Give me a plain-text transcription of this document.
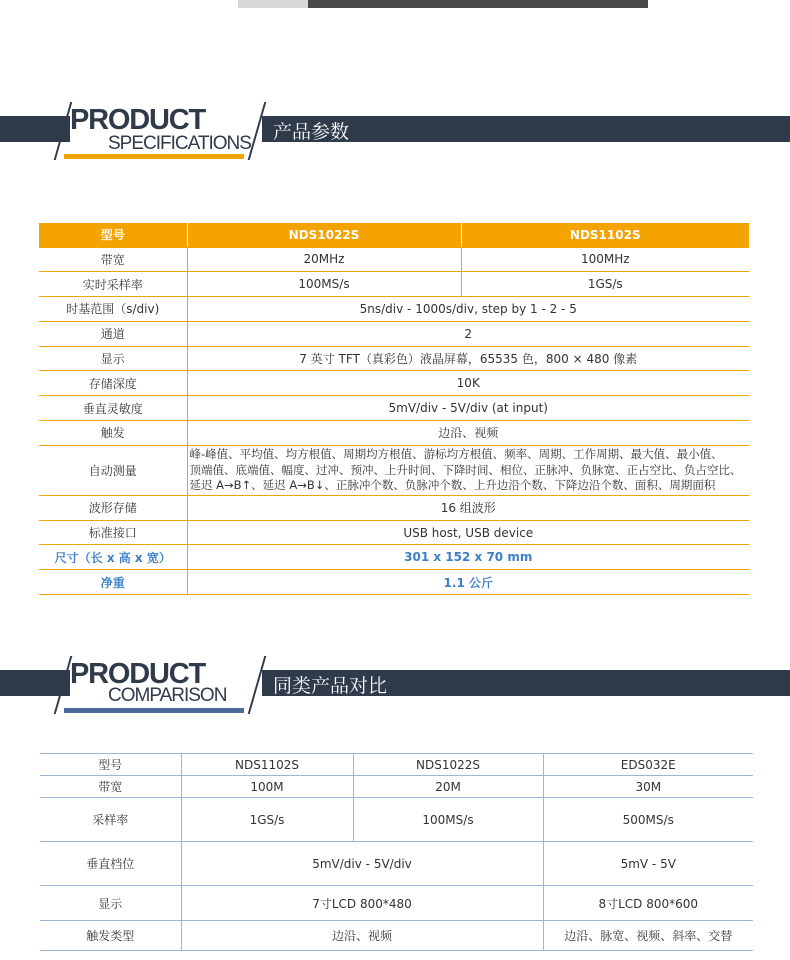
PRODUCT
SPECIFICATIONS
产品参数
型号	NDS1022S	NDS1102S
带宽	20MHz	100MHz
实时采样率	100MS/s	1GS/s
时基范围（s/div)	5ns/div - 1000s/div, step by 1 - 2 - 5	
通道	2	
显示	7 英寸 TFT（真彩色）液晶屏幕，65535 色，800 × 480 像素	
存储深度	10K	
垂直灵敏度	5mV/div - 5V/div (at input)	
触发	边沿、视频	
自动测量	峰-峰值、平均值、均方根值、周期均方根值、游标均方根值、频率、周期、工作周期、最大值、最小值、
顶端值、底端值、幅度、过冲、预冲、上升时间、下降时间、相位、正脉冲、负脉宽、正占空比、负占空比、
延迟 A→B↑、延迟 A→B↓、正脉冲个数、负脉冲个数、上升边沿个数、下降边沿个数、面积、周期面积	

波形存储	16 组波形	
标准接口	USB host, USB device	
尺寸（长 x 高 x 宽）	301 x 152 x 70 mm	
净重	1.1 公斤	
PRODUCT
COMPARISON 同类产品对比
型号	NDS1102S	NDS1022S	EDS032E
带宽	100M	20M	30M
采样率	1GS/s	100MS/s	500MS/s
垂直档位	5mV/div - 5V/div		5mV - 5V
显示	7寸LCD 800*480		8寸LCD 800*600
触发类型	边沿、视频		边沿、脉宽、视频、斜率、交替
